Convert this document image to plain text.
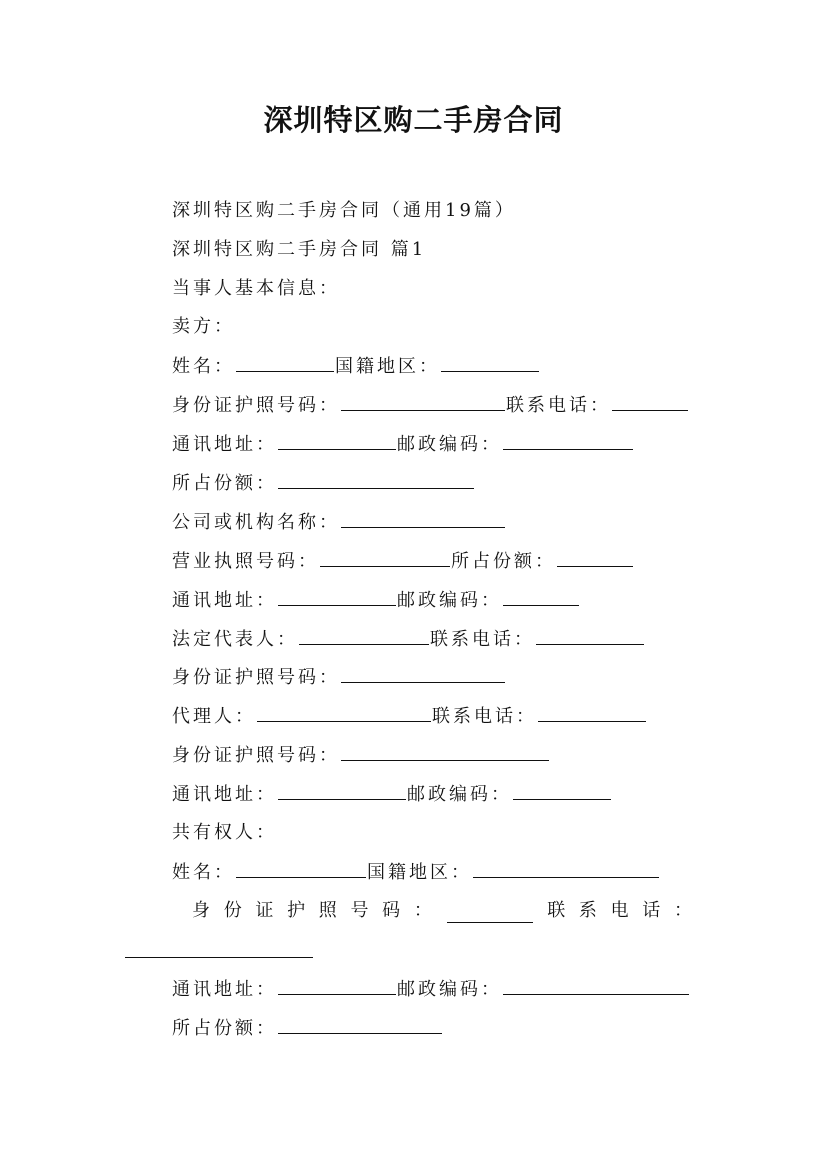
深圳特区购二手房合同
深圳特区购二手房合同（通用19篇）
深圳特区购二手房合同 篇1
当事人基本信息：
卖方：
姓名：	国籍地区：
身份证护照号码：	联系电话：
通讯地址：	邮政编码：
所占份额：
公司或机构名称：
营业执照号码：	所占份额：
通讯地址：	邮政编码：
法定代表人：	联系电话：
身份证护照号码：
代理人：	联系电话：
身份证护照号码：
通讯地址：	邮政编码：
共有权人：
姓名：	国籍地区：
身 份 证 护 照 号 码 ：	联 系 电 话 ：
通讯地址：	邮政编码：
所占份额：
